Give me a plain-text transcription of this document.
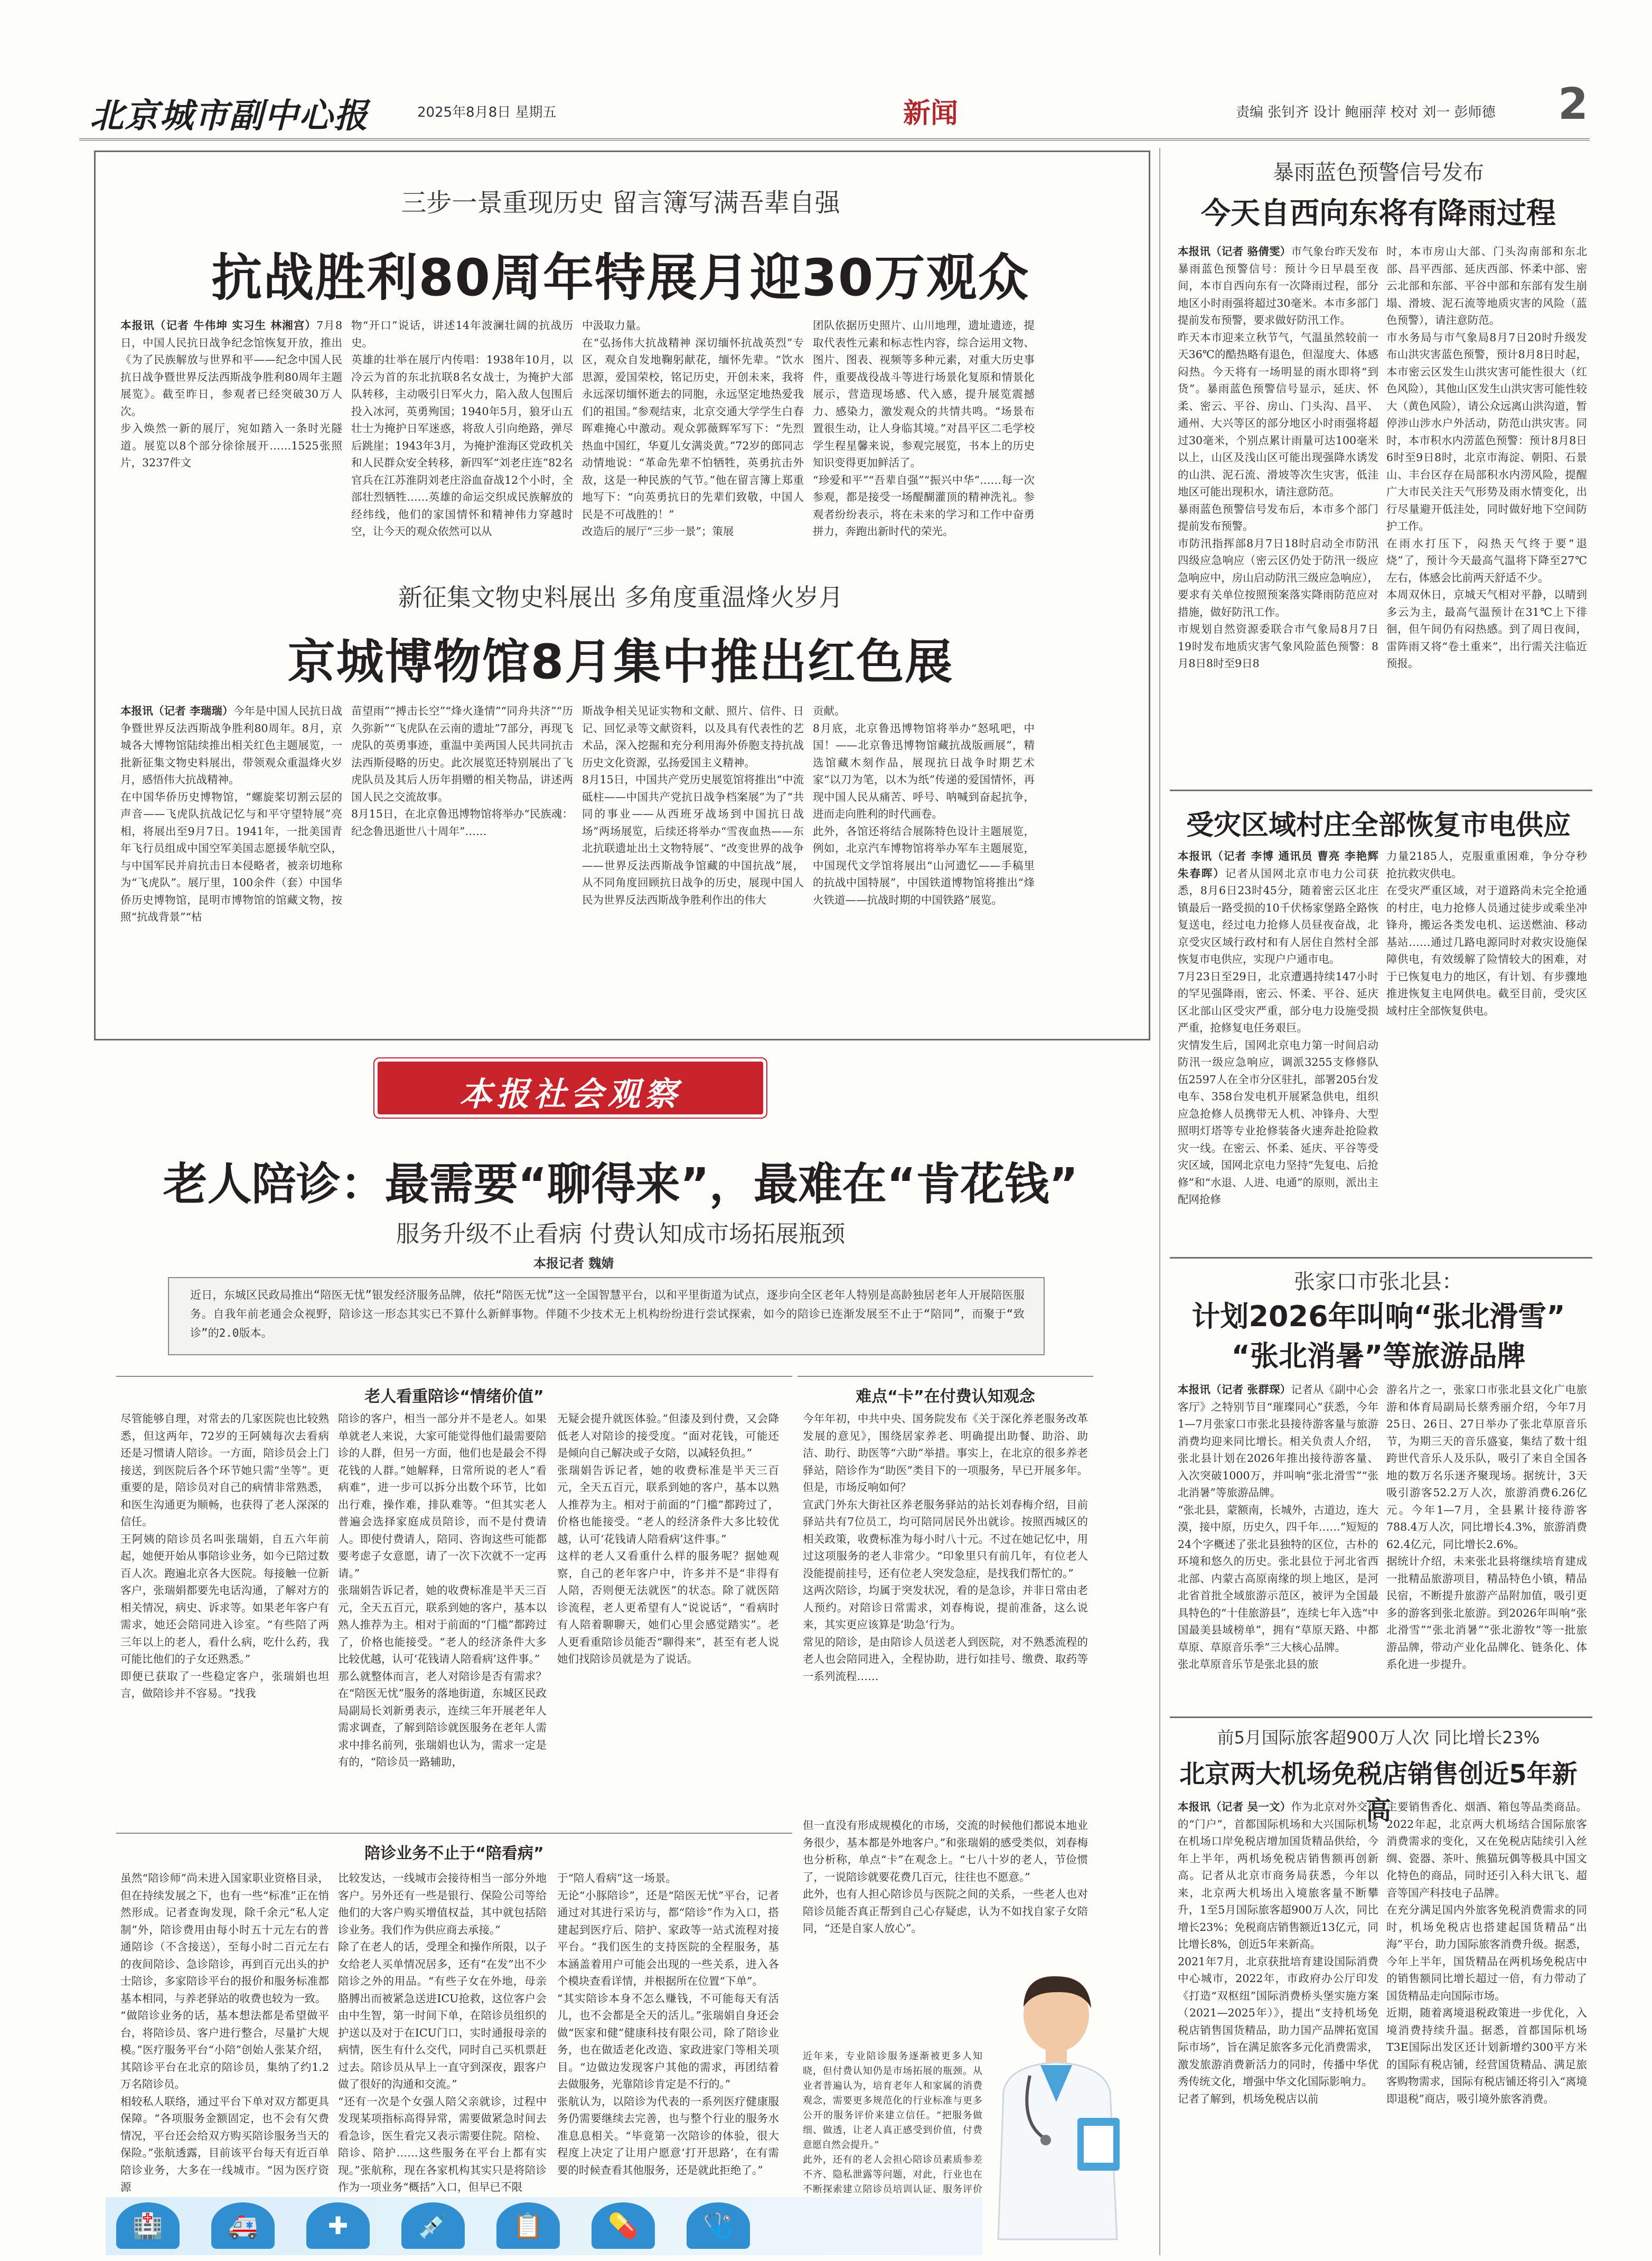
北京城市副中心报	2025年8月8日 星期五	新闻	责编 张钊齐 设计 鲍丽萍 校对 刘一 彭师德 2
三步一景重现历史 留言簿写满吾辈自强
抗战胜利80周年特展月迎30万观众

本报讯（记者 牛伟坤 实习生 林湘宫）7月8日，中国人民抗日战争纪念馆恢复开放，推出《为了民族解放与世界和平——纪念中国人民抗日战争暨世界反法西斯战争胜利80周年主题展览》。截至昨日，参观者已经突破30万人次。
步入焕然一新的展厅，宛如踏入一条时光隧道。展览以8个部分徐徐展开……1525张照片，3237件文

物“开口”说话，讲述14年波澜壮阔的抗战历史。
英雄的壮举在展厅内传唱：1938年10月，以冷云为首的东北抗联8名女战士，为掩护大部队转移，主动吸引日军火力，陷入敌人包围后投入冰河，英勇殉国；1940年5月，狼牙山五壮士为掩护日军迷惑，将敌人引向绝路，弹尽后跳崖；1943年3月，为掩护淮海区党政机关和人民群众安全转移，新四军“刘老庄连”82名官兵在江苏淮阴刘老庄浴血奋战12个小时，全部壮烈牺牲……英雄的命运交织成民族解放的经纬线，他们的家国情怀和精神伟力穿越时空，让今天的观众依然可以从

中汲取力量。
在“弘扬伟大抗战精神 深切缅怀抗战英烈”专区，观众自发地鞠躬献花，缅怀先辈。“饮水思源，爱国荣校，铭记历史，开创未来，我将永远深切缅怀逝去的同胞，永远坚定地热爱我们的祖国。”参观结束，北京交通大学学生白春晖难掩心中激动。观众郭薇辉军写下：“先烈热血中国红，华夏儿女满炎黄。”72岁的郎同志动情地说：“革命先辈不怕牺牲，英勇抗击外敌，这是一种民族的气节。”他在留言簿上郑重地写下：“向英勇抗日的先辈们致敬，中国人民是不可战胜的！”
改造后的展厅“三步一景”；策展

团队依据历史照片、山川地理，遗址遗迹，提取代表性元素和标志性内容，综合运用文物、图片、图表、视频等多种元素，对重大历史事件，重要战役战斗等进行场景化复原和情景化展示，营造现场感、代入感，提升展览震撼力、感染力，激发观众的共情共鸣。“场景布置很生动，让人身临其境。”对昌平区二毛学校学生程星馨来说，参观完展览，书本上的历史知识变得更加鲜活了。
“珍爱和平”“吾辈自强”“振兴中华”……每一次参观，都是接受一场醍醐灌顶的精神洗礼。参观者纷纷表示，将在未来的学习和工作中奋勇拼力，奔跑出新时代的荣光。

新征集文物史料展出 多角度重温烽火岁月
京城博物馆8月集中推出红色展

本报讯（记者 李瑞瑞）今年是中国人民抗日战争暨世界反法西斯战争胜利80周年。8月，京城各大博物馆陆续推出相关红色主题展览，一批新征集文物史料展出，带领观众重温烽火岁月，感悟伟大抗战精神。
在中国华侨历史博物馆，“螺旋桨切割云层的声音——飞虎队抗战记忆与和平守望特展”亮相，将展出至9月7日。1941年，一批美国青年飞行员组成中国空军美国志愿援华航空队，与中国军民并肩抗击日本侵略者，被亲切地称为“飞虎队”。展厅里，100余件（套）中国华侨历史博物馆，昆明市博物馆的馆藏文物，按照“抗战背景”“枯

苗望雨”“搏击长空”“烽火逢情”“同舟共济”“历久弥新”“飞虎队在云南的遗址”7部分，再现飞虎队的英勇事迹，重温中美两国人民共同抗击法西斯侵略的历史。此次展览还特别展出了飞虎队员及其后人历年捐赠的相关物品，讲述两国人民之交流故事。
8月15日，在北京鲁迅博物馆将举办“民族魂：纪念鲁迅逝世八十周年”……

斯战争相关见证实物和文献、照片、信件、日记、回忆录等文献资料，以及具有代表性的艺术品，深入挖掘和充分利用海外侨胞支持抗战历史文化资源，弘扬爱国主义精神。
8月15日，中国共产党历史展览馆将推出“中流砥柱——中国共产党抗日战争档案展”为了“共同的事业——从西班牙战场到中国抗日战场”两场展览，后续还将举办“雪夜血热——东北抗联遗址出土文物特展”、“改变世界的战争——世界反法西斯战争馆藏的中国抗战”展，从不同角度回顾抗日战争的历史，展现中国人民为世界反法西斯战争胜利作出的伟大

贡献。
8月底，北京鲁迅博物馆将举办“怒吼吧，中国！——北京鲁迅博物馆藏抗战版画展”，精选馆藏木刻作品，展现抗日战争时期艺术家“以刀为笔，以木为纸”传递的爱国情怀，再现中国人民从痛苦、呼号、呐喊到奋起抗争，进而走向胜利的时代画卷。
此外，各馆还将结合展陈特色设计主题展览，例如，北京汽车博物馆将举办军车主题展览，中国现代文学馆将展出“山河遗忆——手稿里的抗战中国特展”，中国铁道博物馆将推出“烽火铁道——抗战时期的中国铁路”展览。

本报社会观察
老人陪诊：最需要“聊得来”，最难在“肯花钱”
服务升级不止看病 付费认知成市场拓展瓶颈
本报记者 魏婧
近日，东城区民政局推出“陪医无忧”银发经济服务品牌，依托“陪医无忧”这一全国智慧平台，以和平里街道为试点，逐步向全区老年人特别是高龄独居老年人开展陪医服务。自我年前老通会众视野，陪诊这一形态其实已不算什么新鲜事物。伴随不少技术无上机构纷纷进行尝试探索，如今的陪诊已连渐发展至不止于“陪同”，而聚于“致诊”的2.0版本。
老人看重陪诊“情绪价值”

尽管能够自理，对常去的几家医院也比较熟悉，但这两年，72岁的王阿姨每次去看病还是习惯请人陪诊。一方面，陪诊员会上门接送，到医院后各个环节她只需“坐等”。更重要的是，陪诊员对自己的病情非常熟悉，和医生沟通更为顺畅，也获得了老人深深的信任。
王阿姨的陪诊员名叫张瑞娟，自五六年前起，她便开始从事陪诊业务，如今已陪过数百人次。跑遍北京各大医院。每接触一位新客户，张瑞娟都要先电话沟通，了解对方的相关情况，病史、诉求等。如果老年客户有需求，她还会陪同进入诊室。“有些陪了两三年以上的老人，看什么病，吃什么药，我可能比他们的子女还熟悉。”
即便已获取了一些稳定客户，张瑞娟也坦言，做陪诊并不容易。“找我

陪诊的客户，相当一部分并不是老人。如果单就老人来说，大家可能觉得他们最需要陪诊的人群，但另一方面，他们也是最会不得花钱的人群。”她解释，日常所说的老人“看病难”，进一步可以拆分出数个环节，比如出行难，操作难，排队难等。“但其实老人普遍会选择家庭成员陪诊，而不是付费请人。即使付费请人，陪同、咨询这些可能都要考虑子女意愿，请了一次下次就不一定再请。”
张瑞娟告诉记者，她的收费标准是半天三百元，全天五百元，联系到她的客户，基本以熟人推荐为主。相对于前面的“门槛”都跨过了，价格也能接受。“老人的经济条件大多比较优越，认可‘花钱请人陪看病’这件事。”
那么就整体而言，老人对陪诊是否有需求？在“陪医无忧”服务的落地街道，东城区民政局副局长刘新勇表示，连续三年开展老年人需求调查，了解到陪诊就医服务在老年人需求中排名前列，张瑞娟也认为，需求一定是有的，“陪诊员一路辅助，

无疑会提升就医体验。”但漆及到付费，又会降低老人对陪诊的接受度。“面对花钱，可能还是倾向自己解决或子女陪，以减轻负担。”
张瑞娟告诉记者，她的收费标准是半天三百元，全天五百元，联系到她的客户，基本以熟人推荐为主。相对于前面的“门槛”都跨过了，价格也能接受。“老人的经济条件大多比较优越，认可‘花钱请人陪看病’这件事。”
这样的老人又看重什么样的服务呢？据她观察，自己的老年客户中，许多并不是“非得有人陪，否则便无法就医”的状态。除了就医陪诊流程，老人更希望有人“说说话”，“看病时有人陪着聊聊天，她们心里会感觉踏实”。老人更看重陪诊员能否“聊得来”，甚至有老人说她们找陪诊员就是为了说话。

陪诊业务不止于“陪看病”

虽然“陪诊师”尚未进入国家职业资格目录，但在持续发展之下，也有一些“标准”正在悄然形成。记者查询发现，除千余元“私人定制”外，陪诊费用由每小时五十元左右的普通陪诊（不含接送），至每小时二百元左右的夜间陪诊、急诊陪诊，再到百元出头的护士陪诊，多家陪诊平台的报价和服务标准都基本相同，与养老驿站的收费也较为一致。
“做陪诊业务的话，基本想法都是希望做平台，将陪诊员、客户进行整合，尽量扩大规模。”医疗服务平台“小陪”创始人张某介绍，其陪诊平台在北京的陪诊员，集纳了约1.2万名陪诊员。
相较私人联络，通过平台下单对双方都更具保障。“各项服务金额固定，也不会有欠费情况，平台还会给双方购买陪诊服务当天的保险。”张航透露，目前该平台每天有近百单陪诊业务，大多在一线城市。“因为医疗资源

比较发达，一线城市会接待相当一部分外地客户。另外还有一些是银行、保险公司等给他们的大客户购买增值权益，其中就包括陪诊业务。我们作为供应商去承接。”
除了在老人的话，受理全和操作所限，以子女给老人买单情况居多，还有“在发”出不少陪诊之外的用品。“有些子女在外地，母亲胳膊出而被紧急送进ICU抢救，这位客户会由中生智，第一时间下单，在陪诊员组织的护送以及对于在ICU门口，实时通报母亲的病情，医生有什么交代，同时自己买机票赶过去。陪诊员从早上一直守到深夜，跟客户做了很好的沟通和交流。”
“还有一次是个女强人陪父亲就诊，过程中发现某项指标高得异常，需要做紧急时间去看急诊，医生看完又表示需要住院。陪检、陪诊、陪护……这些服务在平台上都有实现。”张航称，现在各家机构其实只是将陪诊作为一项业务“概括”入口，但早已不限

于“陪人看病”这一场景。
无论“小豚陪诊”，还是“陪医无忧”平台，记者通过对其进行采访与，都“陪诊”作为入口，搭建起到医疗后、陪护、家政等一站式流程对接平台。“我们医生的支持医院的全程服务，基本涵盖着用户可能会出现的一些关系，进入各个模块查看详情，并根据所在位置“下单”。
“其实陪诊本身不怎么赚钱，不可能每天有活儿，也不会都是全天的活儿。”张瑞娟自身还会做“医家和健”健康科技有限公司，除了陪诊业务，也在做适老化改造、家政进家门等相关项目。“边做边发现客户其他的需求，再团结着去做服务，光靠陪诊肯定是不行的。”
张航认为，以陪诊为代表的一系列医疗健康服务仍需要继续去完善，也与整个行业的服务水准息息相关。“毕竟第一次陪诊的体验，很大程度上决定了让用户愿意‘打开思路’，在有需要的时候查看其他服务，还是就此拒绝了。”

难点“卡”在付费认知观念

今年年初，中共中央、国务院发布《关于深化养老服务改革发展的意见》，围绕居家养老、明确提出助餐、助浴、助洁、助行、助医等“六助”举措。事实上，在北京的很多养老驿站，陪诊作为“助医”类目下的一项服务，早已开展多年。但是，市场反响如何？
宣武门外东大街社区养老服务驿站的站长刘春梅介绍，目前驿站共有7位员工，均可陪同居民外出就诊。按照西城区的相关政策，收费标准为每小时八十元。不过在她记忆中，用过这项服务的老人非常少。“印象里只有前几年，有位老人没能提前挂号，还有位老人突发急症，是找我们帮忙的。”
这两次陪诊，均属于突发状况，看的是急诊，并非日常由老人预约。对陪诊日常需求，刘春梅说，提前准备，这么说来，其实更应该算是‘助急’行为。
常见的陪诊，是由陪诊人员送老人到医院，对不熟悉流程的老人也会陪同进入，全程协助，进行如挂号、缴费、取药等一系列流程……

但一直没有形成规模化的市场，交流的时候他们都说本地业务很少，基本都是外地客户。”和张瑞娟的感受类似，刘春梅也分析称，单点“卡”在观念上。“七八十岁的老人，节俭惯了，一说陪诊就要花费几百元，往往也不愿意。”
此外，也有人担心陪诊员与医院之间的关系，一些老人也对陪诊员能否真正帮到自己心存疑虑，认为不如找自家子女陪同，“还是自家人放心”。

近年来，专业陪诊服务逐渐被更多人知晓，但付费认知仍是市场拓展的瓶颈。从业者普遍认为，培育老年人和家属的消费观念，需要更多规范化的行业标准与更多公开的服务评价来建立信任。“把服务做细、做透，让老人真正感受到价值，付费意愿自然会提升。”
此外，还有的老人会担心陪诊员素质参差不齐、隐私泄露等问题，对此，行业也在不断探索建立陪诊员培训认证、服务评价

🏥	🚑	✚	💉	📋	💊	🩺
暴雨蓝色预警信号发布
今天自西向东将有降雨过程

本报讯（记者 骆倩雯）市气象台昨天发布暴雨蓝色预警信号：预计今日早晨至夜间，本市自西向东有一次降雨过程，部分地区小时雨强将超过30毫米。本市多部门提前发布预警，要求做好防汛工作。
昨天本市迎来立秋节气，气温虽然较前一天36℃的酷热略有退色，但湿度大、体感闷热。今天将有一场明显的雨水即将“到货”。暴雨蓝色预警信号显示，延庆、怀柔、密云、平谷、房山、门头沟、昌平、通州、大兴等区的部分地区小时雨强将超过30毫米，个别点累计雨量可达100毫米以上，山区及浅山区可能出现强降水诱发的山洪、泥石流、滑坡等次生灾害，低洼地区可能出现积水，请注意防范。
暴雨蓝色预警信号发布后，本市多个部门提前发布预警。
市防汛指挥部8月7日18时启动全市防汛四级应急响应（密云区仍处于防汛一级应急响应中，房山启动防汛三级应急响应），要求有关单位按照预案落实降雨防范应对措施，做好防汛工作。
市规划自然资源委联合市气象局8月7日19时发布地质灾害气象风险蓝色预警：8月8日8时至9日8

时，本市房山大部、门头沟南部和东北部、昌平西部、延庆西部、怀柔中部、密云北部和东部、平谷中部和东部有发生崩塌、滑坡、泥石流等地质灾害的风险（蓝色预警），请注意防范。
市水务局与市气象局8月7日20时升级发布山洪灾害蓝色预警，预计8月8日时起，本市密云区发生山洪灾害可能性很大（红色风险），其他山区发生山洪灾害可能性较大（黄色风险），请公众远离山洪沟道，暂停涉山涉水户外活动，防范山洪灾害。同时，本市积水内涝蓝色预警：预计8月8日6时至9日8时，北京市海淀、朝阳、石景山、丰台区存在局部积水内涝风险，提醒广大市民关注天气形势及雨水情变化，出行尽量避开低洼处，同时做好地下空间防护工作。
在雨水打压下，闷热天气终于要“退烧”了，预计今天最高气温将下降至27℃左右，体感会比前两天舒适不少。
本周双休日，京城天气相对平静，以晴到多云为主，最高气温预计在31℃上下徘徊，但午间仍有闷热感。到了周日夜间，雷阵雨又将“卷土重来”，出行需关注临近预报。

受灾区域村庄全部恢复市电供应

本报讯（记者 李博 通讯员 曹亮 李艳辉 朱春晖）记者从国网北京市电力公司获悉，8月6日23时45分，随着密云区北庄镇最后一路受损的10千伏杨家堡路全路恢复送电，经过电力抢修人员昼夜奋战，北京受灾区域行政村和有人居住自然村全部恢复市电供应，实现户户通市电。
7月23日至29日，北京遭遇持续147小时的罕见强降雨，密云、怀柔、平谷、延庆区北部山区受灾严重，部分电力设施受损严重，抢修复电任务艰巨。
灾情发生后，国网北京电力第一时间启动防汛一级应急响应，调派3255支修修队伍2597人在全市分区驻扎，部署205台发电车、358台发电机开展紧急供电，组织应急抢修人员携带无人机、冲锋舟、大型照明灯塔等专业抢修装备火速奔赴抢险救灾一线。在密云、怀柔、延庆、平谷等受灾区域，国网北京电力坚持“先复电、后抢修”和“水退、人进、电通”的原则，派出主配网抢修

力量2185人，克服重重困难，争分夺秒抢抗救灾供电。
在受灾严重区域，对于道路尚未完全抢通的村庄，电力抢修人员通过徒步或乘坐冲锋舟，搬运各类发电机、运送燃油、移动基站……通过几路电源同时对救灾设施保障供电，有效缓解了险情较大的困难，对于已恢复电力的地区，有计划、有步骤地推进恢复主电网供电。截至目前，受灾区域村庄全部恢复供电。

张家口市张北县：
计划2026年叫响“张北滑雪”
“张北消暑”等旅游品牌

本报讯（记者 张群琛）记者从《副中心会客厅》之特别节目“璀璨同心”获悉，今年1—7月张家口市张北县接待游客量与旅游消费均迎来同比增长。相关负责人介绍，张北县计划在2026年推出接待游客量、入次突破1000万，并叫响“张北滑雪”“张北消暑”等旅游品牌。
“张北县，蒙额南，长城外，古道边，连大漠，接中原，历史久，四千年……”短短的24个字概述了张北县独特的区位，古朴的环境和悠久的历史。张北县位于河北省西北部、内蒙古高原南缘的坝上地区，是河北省首批全域旅游示范区，被评为全国最具特色的“十佳旅游县”，连续七年入选“中国最美县域榜单”，拥有“草原天路、中都草原、草原音乐季”三大核心品牌。
张北草原音乐节是张北县的旅

游名片之一，张家口市张北县文化广电旅游和体育局副局长蔡秀丽介绍，今年7月25日、26日、27日举办了张北草原音乐节，为期三天的音乐盛宴，集结了数十组跨世代音乐人及乐队，吸引了来自全国各地的数万名乐迷齐聚现场。据统计，3天吸引游客52.2万人次，旅游消费6.26亿元。今年1—7月，全县累计接待游客788.4万人次，同比增长4.3%，旅游消费62.4亿元，同比增长2.6%。
据统计介绍，未来张北县将继续培育建成一批精品旅游项目，精品特色小镇，精品民宿，不断提升旅游产品附加值，吸引更多的游客到张北旅游。到2026年叫响“张北滑雪”“张北消暑”“张北游牧”等一批旅游品牌，带动产业化品牌化、链条化、体系化进一步提升。

前5月国际旅客超900万人次 同比增长23%
北京两大机场免税店销售创近5年新高

本报讯（记者 吴一文）作为北京对外交往的“门户”，首都国际机场和大兴国际机场在机场口岸免税店增加国货精品供给，今年上半年，两机场免税店销售额再创新高。记者从北京市商务局获悉，今年以来，北京两大机场出入境旅客量不断攀升，1至5月国际旅客超900万人次，同比增长23%；免税商店销售额近13亿元，同比增长8%，创近5年来新高。
2021年7月，北京获批培育建设国际消费中心城市，2022年，市政府办公厅印发《打造“双枢纽”国际消费桥头堡实施方案（2021—2025年）》，提出“支持机场免税店销售国货精品，助力国产品牌拓宽国际市场”，旨在满足旅客多元化消费需求，激发旅游消费新活力的同时，传播中华优秀传统文化，增强中华文化国际影响力。
记者了解到，机场免税店以前

主要销售香化、烟酒、箱包等品类商品。2022年起，北京两大机场结合国际旅客消费需求的变化，又在免税店陆续引入丝绸、瓷器、茶叶、熊猫玩偶等极具中国文化特色的商品，同时还引入科大讯飞、超音等国产科技电子品牌。
在充分满足国内外旅客免税消费需求的同时，机场免税店也搭建起国货精品“出海”平台，助力国际旅客消费升级。据悉，今年上半年，国货精品在两机场免税店中的销售额同比增长超过一倍，有力带动了国货精品走向国际市场。
近期，随着离境退税政策进一步优化，入境消费持续升温。据悉，首都国际机场T3E国际出发区还计划新增约300平方米的国际有税店铺，经营国货精品、满足旅客购物需求，国际有税店铺还将引入“离境即退税”商店，吸引境外旅客消费。
